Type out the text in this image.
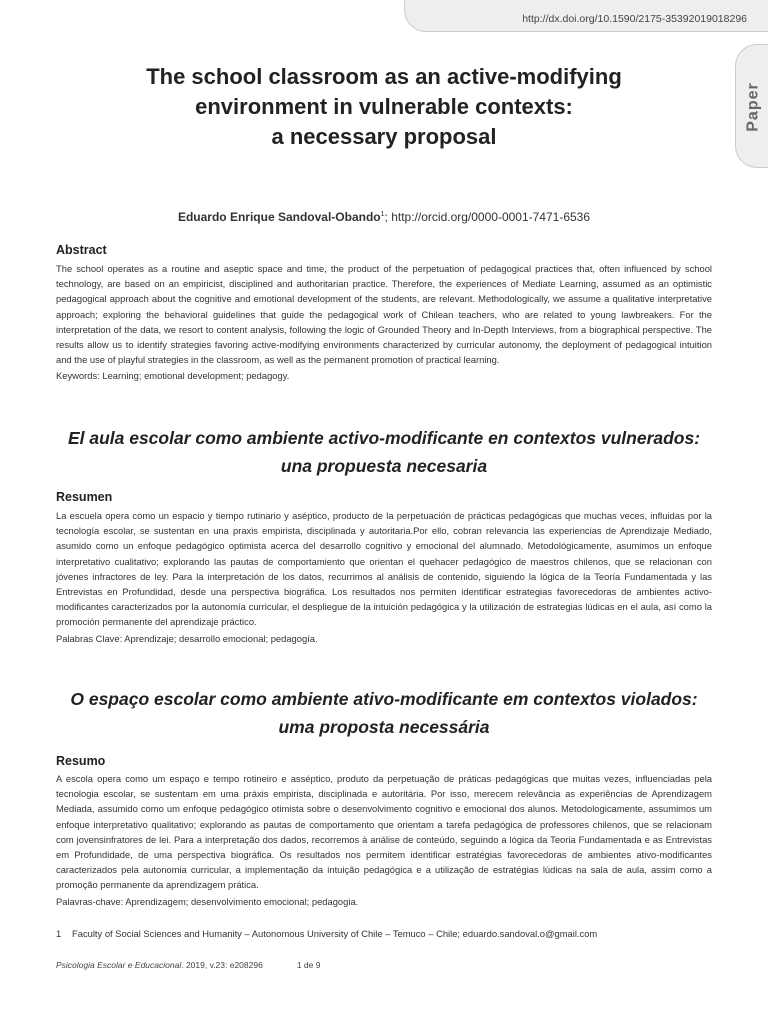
http://dx.doi.org/10.1590/2175-35392019018296
Paper
The school classroom as an active-modifying
environment in vulnerable contexts:
a necessary proposal
Eduardo Enrique Sandoval-Obando$^1$; http://orcid.org/0000-0001-7471-6536
Abstract

The school operates as a routine and aseptic space and time, the product of the perpetuation of pedagogical practices that, often influenced by school technology, are based on an empiricist, disciplined and authoritarian practice. Therefore, the experiences of Mediate Learning, assumed as an optimistic pedagogical approach about the cognitive and emotional development of the students, are relevant. Methodologically, we assume a qualitative interpretative approach; exploring the behavioral guidelines that guide the pedagogical work of Chilean teachers, who are related to young lawbreakers. For the interpretation of the data, we resort to content analysis, following the logic of Grounded Theory and In-Depth Interviews, from a biographical perspective. The results allow us to identify strategies favoring active-modifying environments characterized by curricular autonomy, the deployment of pedagogical intuition and the use of playful strategies in the classroom, as well as the permanent promotion of practical learning.

Keywords: Learning; emotional development; pedagogy.
El aula escolar como ambiente activo-modificante en contextos vulnerados:
una propuesta necesaria
Resumen

La escuela opera como un espacio y tiempo rutinario y aséptico, producto de la perpetuación de prácticas pedagógicas que muchas veces, influidas por la tecnología escolar, se sustentan en una praxis empirista, disciplinada y autoritaria.Por ello, cobran relevancia las experiencias de Aprendizaje Mediado, asumido como un enfoque pedagógico optimista acerca del desarrollo cognitivo y emocional del alumnado. Metodológicamente, asumimos un enfoque interpretativo cualitativo; explorando las pautas de comportamiento que orientan el quehacer pedagógico de maestros chilenos, que se relacionan con jóvenes infractores de ley. Para la interpretación de los datos, recurrimos al análisis de contenido, siguiendo la lógica de la Teoría Fundamentada y las Entrevistas en Profundidad, desde una perspectiva biográfica. Los resultados nos permiten identificar estrategias favorecedoras de ambientes activo-modificantes caracterizados por la autonomía curricular, el despliegue de la intuición pedagógica y la utilización de estrategias lúdicas en el aula, así como la promoción permanente del aprendizaje práctico.

Palabras Clave: Aprendizaje; desarrollo emocional; pedagogía.
O espaço escolar como ambiente ativo-modificante em contextos violados:
uma proposta necessária
Resumo

A escola opera como um espaço e tempo rotineiro e asséptico, produto da perpetuação de práticas pedagógicas que muitas vezes, influenciadas pela tecnologia escolar, se sustentam em uma práxis empirista, disciplinada e autoritária. Por isso, merecem relevância as experiências de Aprendizagem Mediada, assumido como um enfoque pedagógico otimista sobre o desenvolvimento cognitivo e emocional dos alunos. Metodologicamente, assumimos um enfoque interpretativo qualitativo; explorando as pautas de comportamento que orientam a tarefa pedagógica de professores chilenos, que se relacionam com jovensinfratores de lei. Para a interpretação dos dados, recorremos à análise de conteúdo, seguindo a lógica da Teoria Fundamentada e as Entrevistas em Profundidade, de uma perspectiva biográfica. Os resultados nos permitem identificar estratégias favorecedoras de ambientes ativo-modificantes caracterizados pela autonomia curricular, a implementação da intuição pedagógica e a utilização de estratégias lúdicas na sala de aula, assim como a promoção permanente da aprendizagem prática.

Palavras-chave: Aprendizagem; desenvolvimento emocional; pedagogia.
1 Faculty of Social Sciences and Humanity – Autonomous University of Chile – Temuco – Chile; eduardo.sandoval.o@gmail.com
Psicologia Escolar e Educacional. 2019, v.23: e208296	1 de 9
